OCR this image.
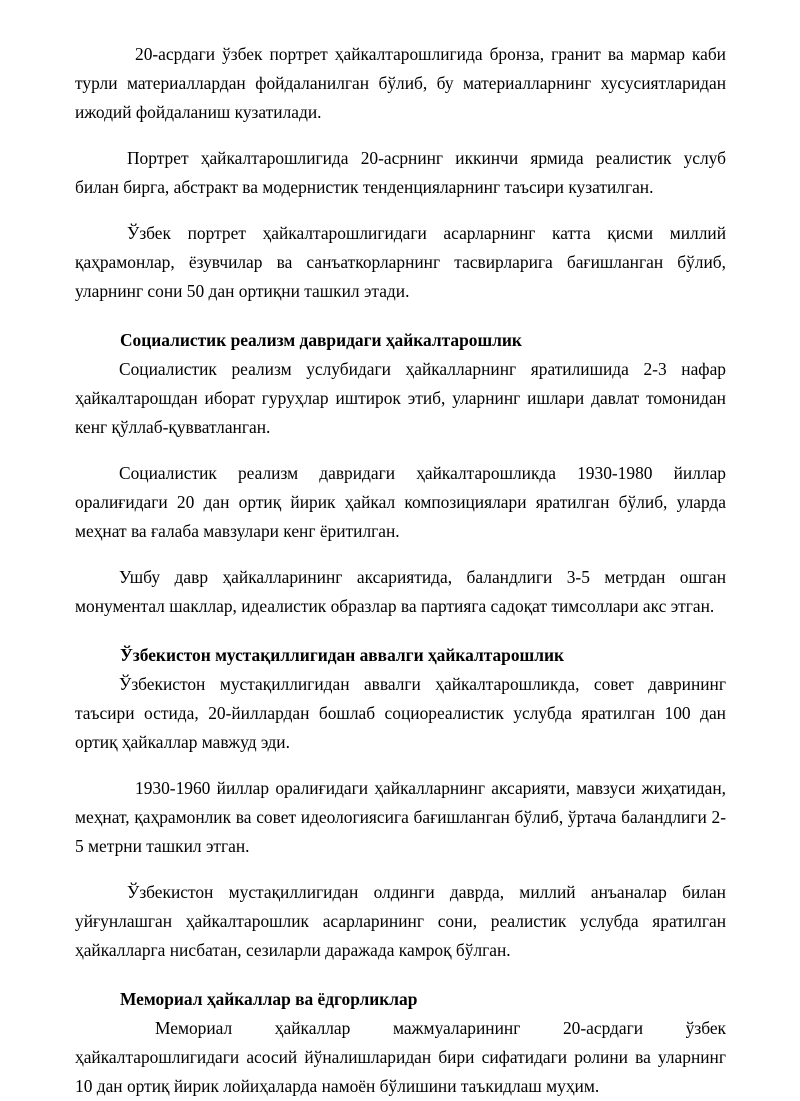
20-асрдаги ўзбек портрет ҳайкалтарошлигида бронза, гранит ва мармар каби турли материаллардан фойдаланилган бўлиб, бу материалларнинг хусусиятларидан ижодий фойдаланиш кузатилади.

Портрет ҳайкалтарошлигида 20-асрнинг иккинчи ярмида реалистик услуб билан бирга, абстракт ва модернистик тенденцияларнинг таъсири кузатилган.

Ўзбек портрет ҳайкалтарошлигидаги асарларнинг катта қисми миллий қаҳрамонлар, ёзувчилар ва санъаткорларнинг тасвирларига бағишланган бўлиб, уларнинг сони 50 дан ортиқни ташкил этади.

Социалистик реализм давридаги ҳайкалтарошлик

Социалистик реализм услубидаги ҳайкалларнинг яратилишида 2-3 нафар ҳайкалтарошдан иборат гуруҳлар иштирок этиб, уларнинг ишлари давлат томонидан кенг қўллаб-қувватланган.

Социалистик реализм давридаги ҳайкалтарошликда 1930-1980 йиллар оралиғидаги 20 дан ортиқ йирик ҳайкал композициялари яратилган бўлиб, уларда меҳнат ва ғалаба мавзулари кенг ёритилган.

Ушбу давр ҳайкалларининг аксариятида, баландлиги 3-5 метрдан ошган монументал шакллар, идеалистик образлар ва партияга садоқат тимсоллари акс этган.

Ўзбекистон мустақиллигидан аввалги ҳайкалтарошлик

Ўзбекистон мустақиллигидан аввалги ҳайкалтарошликда, совет даврининг таъсири остида, 20-йиллардан бошлаб социореалистик услубда яратилган 100 дан ортиқ ҳайкаллар мавжуд эди.

1930-1960 йиллар оралиғидаги ҳайкалларнинг аксарияти, мавзуси жиҳатидан, меҳнат, қаҳрамонлик ва совет идеологиясига бағишланган бўлиб, ўртача баландлиги 2-5 метрни ташкил этган.

Ўзбекистон мустақиллигидан олдинги даврда, миллий анъаналар билан уйғунлашган ҳайкалтарошлик асарларининг сони, реалистик услубда яратилган ҳайкалларга нисбатан, сезиларли даражада камроқ бўлган.

Мемориал ҳайкаллар ва ёдгорликлар

Мемориал ҳайкаллар мажмуаларининг 20-асрдаги ўзбек ҳайкалтарошлигидаги асосий йўналишларидан бири сифатидаги ролини ва уларнинг 10 дан ортиқ йирик лойиҳаларда намоён бўлишини таъкидлаш муҳим.
